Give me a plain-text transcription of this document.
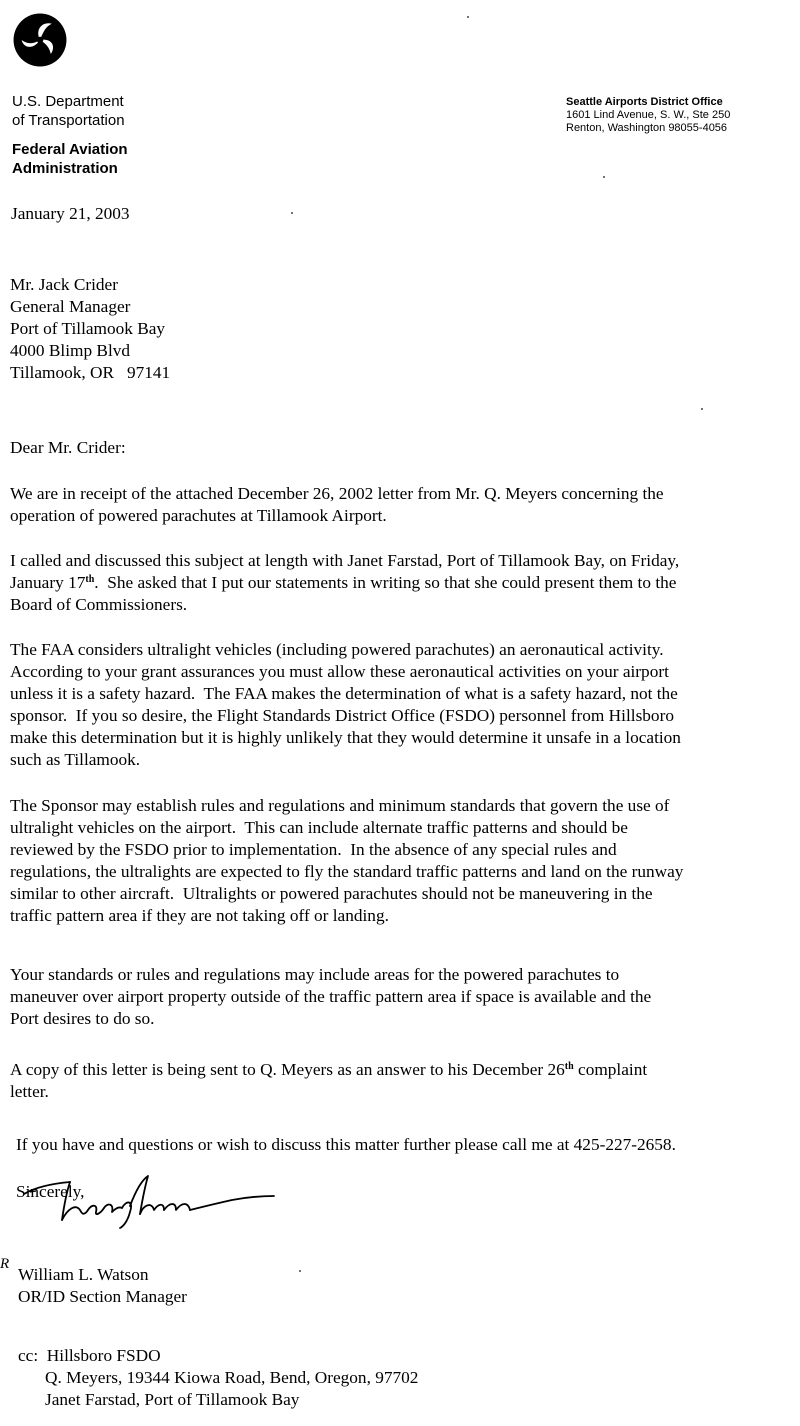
U.S. Department
of Transportation
Federal Aviation
Administration
Seattle Airports District Office
1601 Lind Avenue, S. W., Ste 250
Renton, Washington 98055-4056
January 21, 2003
Mr. Jack Crider
General Manager
Port of Tillamook Bay
4000 Blimp Blvd
Tillamook, OR   97141
Dear Mr. Crider:
We are in receipt of the attached December 26, 2002 letter from Mr. Q. Meyers concerning the
operation of powered parachutes at Tillamook Airport.
I called and discussed this subject at length with Janet Farstad, Port of Tillamook Bay, on Friday,
January 17th.  She asked that I put our statements in writing so that she could present them to the
Board of Commissioners.
The FAA considers ultralight vehicles (including powered parachutes) an aeronautical activity.
According to your grant assurances you must allow these aeronautical activities on your airport
unless it is a safety hazard.  The FAA makes the determination of what is a safety hazard, not the
sponsor.  If you so desire, the Flight Standards District Office (FSDO) personnel from Hillsboro
make this determination but it is highly unlikely that they would determine it unsafe in a location
such as Tillamook.
The Sponsor may establish rules and regulations and minimum standards that govern the use of
ultralight vehicles on the airport.  This can include alternate traffic patterns and should be
reviewed by the FSDO prior to implementation.  In the absence of any special rules and
regulations, the ultralights are expected to fly the standard traffic patterns and land on the runway
similar to other aircraft.  Ultralights or powered parachutes should not be maneuvering in the
traffic pattern area if they are not taking off or landing.
Your standards or rules and regulations may include areas for the powered parachutes to
maneuver over airport property outside of the traffic pattern area if space is available and the
Port desires to do so.
A copy of this letter is being sent to Q. Meyers as an answer to his December 26th complaint
letter.
If you have and questions or wish to discuss this matter further please call me at 425-227-2658.
Sincerely,
R
William L. Watson
OR/ID Section Manager
cc: Hillsboro FSDO
Q. Meyers, 19344 Kiowa Road, Bend, Oregon, 97702
Janet Farstad, Port of Tillamook Bay
